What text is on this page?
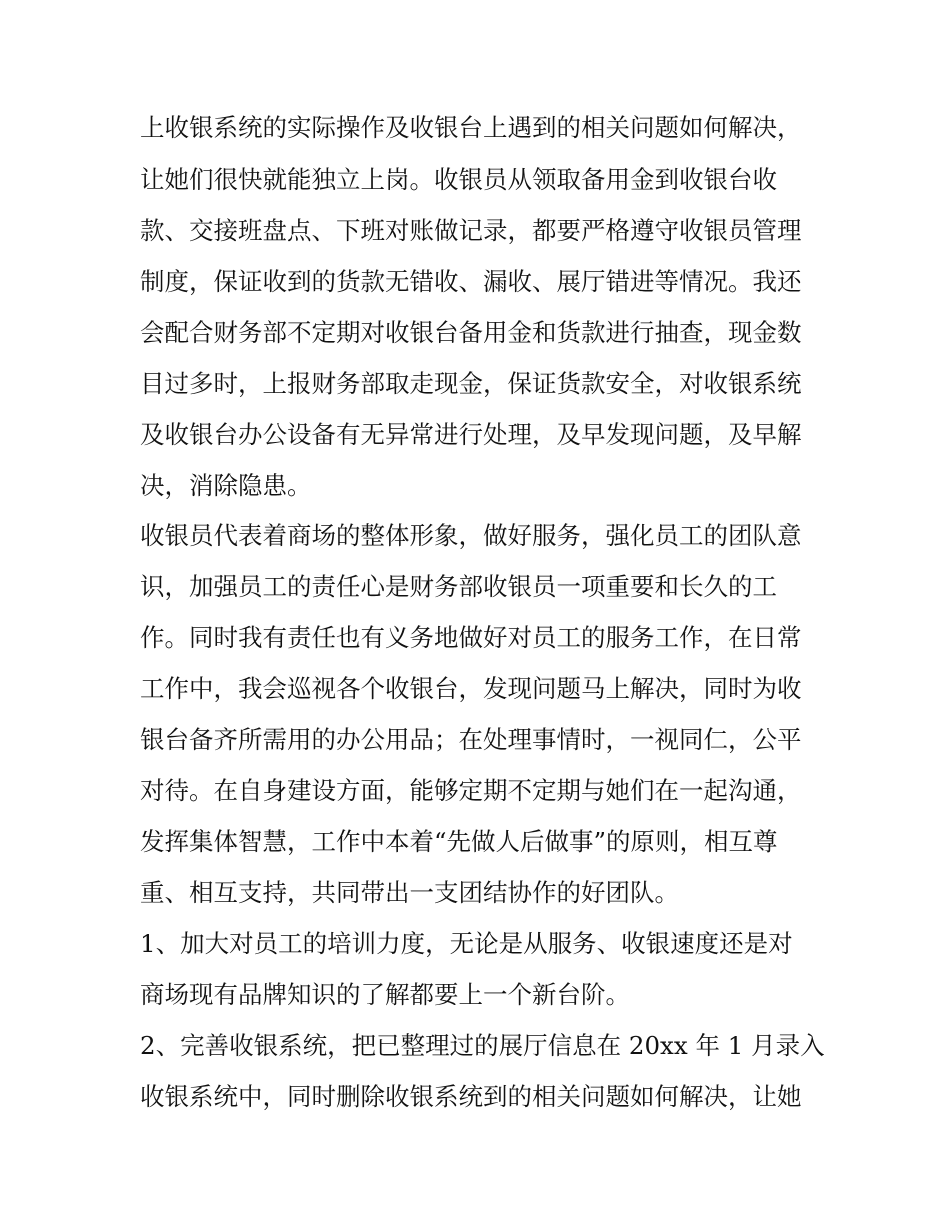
上收银系统的实际操作及收银台上遇到的相关问题如何解决，
让她们很快就能独立上岗。收银员从领取备用金到收银台收
款、交接班盘点、下班对账做记录，都要严格遵守收银员管理
制度，保证收到的货款无错收、漏收、展厅错进等情况。我还
会配合财务部不定期对收银台备用金和货款进行抽查，现金数
目过多时，上报财务部取走现金，保证货款安全，对收银系统
及收银台办公设备有无异常进行处理，及早发现问题，及早解
决，消除隐患。
收银员代表着商场的整体形象，做好服务，强化员工的团队意
识，加强员工的责任心是财务部收银员一项重要和长久的工
作。同时我有责任也有义务地做好对员工的服务工作，在日常
工作中，我会巡视各个收银台，发现问题马上解决，同时为收
银台备齐所需用的办公用品；在处理事情时，一视同仁，公平
对待。在自身建设方面，能够定期不定期与她们在一起沟通，
发挥集体智慧，工作中本着“先做人后做事”的原则，相互尊
重、相互支持，共同带出一支团结协作的好团队。
1、加大对员工的培训力度，无论是从服务、收银速度还是对
商场现有品牌知识的了解都要上一个新台阶。
2、完善收银系统，把已整理过的展厅信息在 20xx 年 1 月录入
收银系统中，同时删除收银系统到的相关问题如何解决，让她
